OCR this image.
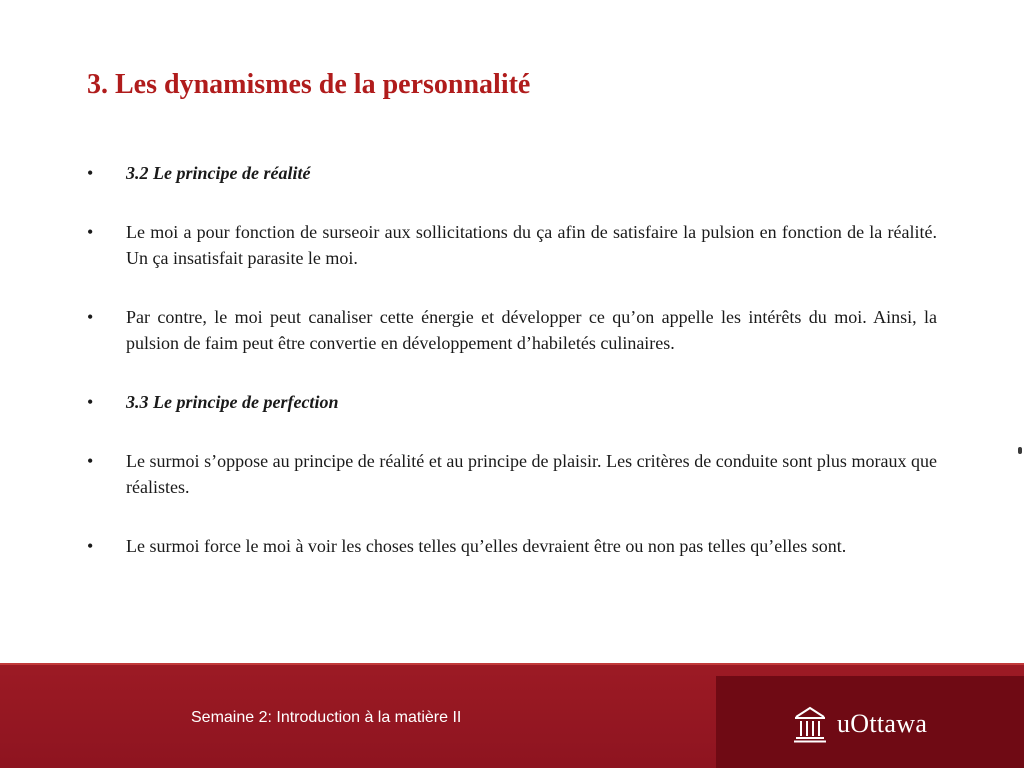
3. Les dynamismes de la personnalité
• 3.2 Le principe de réalité
• Le moi a pour fonction de surseoir aux sollicitations du ça afin de satisfaire la pulsion en fonction de la réalité. Un ça insatisfait parasite le moi.
• Par contre, le moi peut canaliser cette énergie et développer ce qu’on appelle les intérêts du moi. Ainsi, la pulsion de faim peut être convertie en développement d’habiletés culinaires.
• 3.3 Le principe de perfection
• Le surmoi s’oppose au principe de réalité et au principe de plaisir. Les critères de conduite sont plus moraux que réalistes.
• Le surmoi force le moi à voir les choses telles qu’elles devraient être ou non pas telles qu’elles sont.
Semaine 2: Introduction à la matière II	uOttawa
